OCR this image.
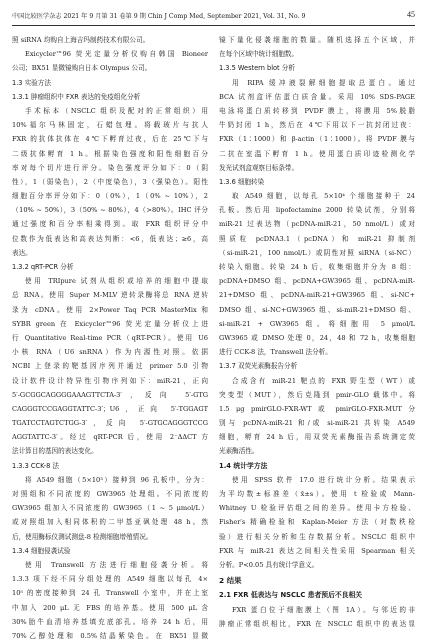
中国比较医学杂志 2021 年 9 月第 31 卷第 9 期 Chin J Comp Med, September 2021, Vol. 31, No. 9	45
照 siRNA 均购自上海吉玛制药技术有限公司。
Exicycler™96 荧光定量分析仪购自韩国 Bioneer
公司；BX51 显微镜购自日本 Olympus 公司。
1.3 实验方法
1.3.1 肿瘤组织中 FXR 表达的免疫组化分析
手术标本（NSCLC 组织及配对的正常组织）用
10%福尔马林固定，石蜡包埋。将载玻片与抗人
FXR 的抗体抗体在 4℃下孵育过夜，后在 25℃下与
二级抗体孵育 1 h。根据染色强度和阳性细胞百分
率对每个切片进行评分。染色强度评分如下：0（阴
性），1（弱染色），2（中度染色），3（强染色）。阳性
细胞百分率评分如下：0（0%），1（0% ~ 10%），2
（10% ~ 50%），3（50% ~ 80%），4（>80%）。IHC 评分
通过强度和百分率相乘得到。取 FXR 组织评分中
位数作为低表达和高表达判断：<6，低表达；≥6，高
表达。
1.3.2 qRT-PCR 分析
使用 TRIpure 试剂从组织或培养的细胞中提取
总 RNA。使用 Super M-MLV 逆转录酶将总 RNA 逆转
录为 cDNA。使用 2×Power Taq PCR MasterMix 和
SYBR green 在 Exicycler™96 荧光定量分析仪上进
行 Quantitative Real-time PCR（qRT-PCR）。使用 U6
小核 RNA（U6 snRNA）作为内源性对照。依据
NCBI 上登录的靶基因序列并通过 primer 5.0 引物
设计软件设计特异性引物序列如下：miR-21，正向
5′-GCGGCAGGGGAAAGTTCTA-3′，反向 5′-GTG
CAGGGTCCGAGGTATTC-3′；U6，正向 5′-TGGAGT
TGATCCTAGTCTGG-3′，反向 5′-GTGCAGGGTCCG
AGGTATTC-3′。经过 qRT-PCR 后，使用 2⁻ΔΔCT 方
法计算目的基因的表达变化。
1.3.3 CCK-8 法
将 A549 细胞（5×10³）接种到 96 孔板中，分为：
对照组和不同浓度的 GW3965 处理组。不同浓度的
GW3965 组加入不同浓度的 GW3965（1 ~ 5 μmol/L）
或对照组加入相同体积的二甲基亚砜处理 48 h。然
后，使用酶标仪测试测盘-8 检测细胞增殖情况。
1.3.4 细胞侵袭试验
使用 Transwell 方法进行细胞侵袭分析。将
1.3.3 项下经不同分组处理的 A549 细胞以每孔 4×
10⁵ 的密度接种到 24 孔 Transwell 小室中，并在上室
中加入 200 μL 无 FBS 的培养基。使用 500 μL 含
30%胎牛血清培养基填充底部孔。培养 24 h 后，用
70%乙醇处理和 0.5%结晶紫染色。在 BX51 显微
镜下量化侵袭细胞的数量。随机选择五个区域，并
在每个区域中统计细胞数。
1.3.5 Western blot 分析
用 RIPA 缓冲液裂解细胞提取总蛋白。通过
BCA 试剂盒评估蛋白质含量。采用 10% SDS-PAGE
电泳将蛋白质转移到 PVDF 膜上，将膜用 5%脱脂
牛奶封闭 1 h，然后在 4℃下用以下一抗封闭过夜：
FXR（1∶1000）和 β-actin（1∶1000）。将 PVDF 膜与
二抗在室温下孵育 1 h。使用蛋白质印迹检测化学
发光试剂盒观察目标条带。
1.3.6 细胞转染
取 A549 细胞，以每孔 5×10⁴ 个细胞接种于 24
孔板。然后用 lipofectamine 2000 转染试剂，分别将
miR-21 过表达物（pcDNA-miR-21，50 nmol/L）或对
照质粒 pcDNA3.1（pcDNA）和 miR-21 抑制剂
（si-miR-21，100 nmol/L）或阴性对照 siRNA（si-NC）
转染入细胞。转染 24 h 后，收集细胞并分为 8 组：
pcDNA+DMSO 组、pcDNA+GW3965 组、pcDNA-miR-
21+DMSO 组、pcDNA-miR-21+GW3965 组、si-NC+
DMSO 组、si-NC+GW3965 组、si-miR-21+DMSO 组、
si-miR-21 + GW3965 组。将细胞用 5 μmol/L
GW3965 或 DMSO 处理 0，24，48 和 72 h，收集细胞
进行 CCK-8 法，Transwell 法分析。
1.3.7 双荧光素酶报告分析
合成含有 miR-21 靶点的 FXR 野生型（WT）或
突变型（MUT），然后克隆到 pmir-GLO 载体中。将
1.5 μg pmirGLO-FXR-WT 或 pmirGLO-FXR-MUT 分
别与 pcDNA-miR-21 和/或 si-miR-21 共转染 A549
细胞，孵育 24 h 后，用双荧光素酶报告系统测定荧
光素酶活性。
1.4 统计学方法
使用 SPSS 软件 17.0 进行统计分析。结果表示
为平均数±标准差（x̄±s）。使用 t 检验或 Mann-
Whitney U 检验评估组之间的差异。使用卡方检验、
Fisher′s 精确检验和 Kaplan-Meier 方法（对数秩检
验）进行相关分析和生存数据分析。NSCLC 组织中
FXR 与 miR-21 表达之间相关性采用 Spearman 相关
分析。P<0.05 具有统计学意义。
2 结果
2.1 FXR 低表达与 NSCLC 患者预后不良相关
FXR 蛋白位于细胞膜上（图 1A）。与邻近的非
肿瘤正常组织相比，FXR 在 NSCLC 组织中的表达显
